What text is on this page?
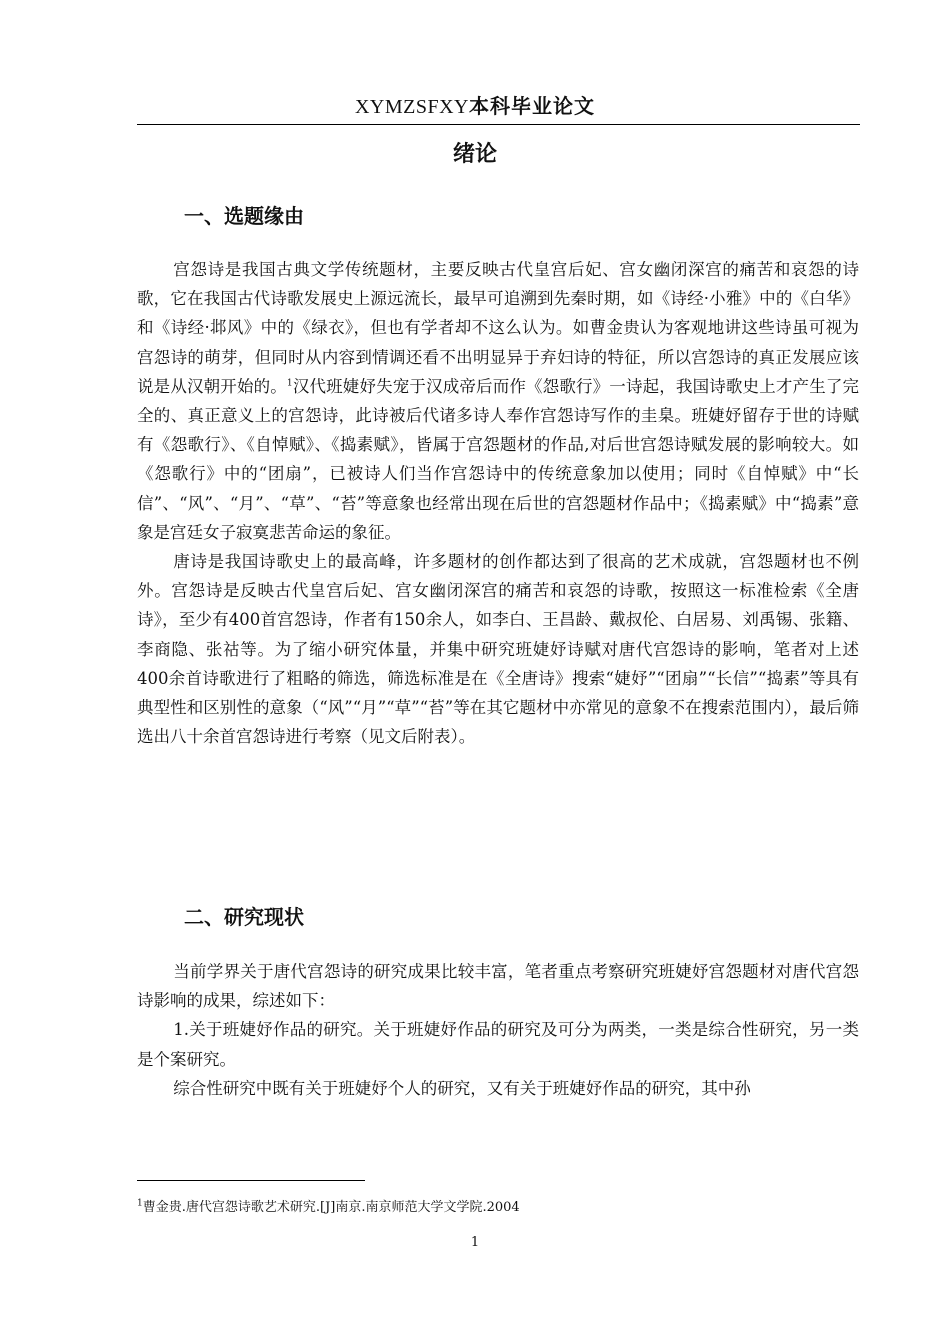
XYMZSFXY本科毕业论文
绪论
一、选题缘由

宫怨诗是我国古典文学传统题材，主要反映古代皇宫后妃、宫女幽闭深宫的痛苦和哀怨的诗歌，它在我国古代诗歌发展史上源远流长，最早可追溯到先秦时期，如《诗经·小雅》中的《白华》和《诗经·邶风》中的《绿衣》，但也有学者却不这么认为。如曹金贵认为客观地讲这些诗虽可视为宫怨诗的萌芽，但同时从内容到情调还看不出明显异于弃妇诗的特征，所以宫怨诗的真正发展应该说是从汉朝开始的。$^1$汉代班婕妤失宠于汉成帝后而作《怨歌行》一诗起，我国诗歌史上才产生了完全的、真正意义上的宫怨诗，此诗被后代诸多诗人奉作宫怨诗写作的圭臬。班婕妤留存于世的诗赋有《怨歌行》、《自悼赋》、《捣素赋》，皆属于宫怨题材的作品,对后世宫怨诗赋发展的影响较大。如《怨歌行》中的“团扇”，已被诗人们当作宫怨诗中的传统意象加以使用；同时《自悼赋》中“长信”、“风”、“月”、“草”、“苔”等意象也经常出现在后世的宫怨题材作品中；《捣素赋》中“捣素”意象是宫廷女子寂寞悲苦命运的象征。

唐诗是我国诗歌史上的最高峰，许多题材的创作都达到了很高的艺术成就，宫怨题材也不例外。宫怨诗是反映古代皇宫后妃、宫女幽闭深宫的痛苦和哀怨的诗歌，按照这一标准检索《全唐诗》，至少有400首宫怨诗，作者有150余人，如李白、王昌龄、戴叔伦、白居易、刘禹锡、张籍、李商隐、张祜等。为了缩小研究体量，并集中研究班婕妤诗赋对唐代宫怨诗的影响，笔者对上述400余首诗歌进行了粗略的筛选，筛选标准是在《全唐诗》搜索“婕妤”“团扇”“长信”“捣素”等具有典型性和区别性的意象（“风”“月”“草”“苔”等在其它题材中亦常见的意象不在搜索范围内），最后筛选出八十余首宫怨诗进行考察（见文后附表）。

二、研究现状

当前学界关于唐代宫怨诗的研究成果比较丰富，笔者重点考察研究班婕妤宫怨题材对唐代宫怨诗影响的成果，综述如下：

1.关于班婕妤作品的研究。关于班婕妤作品的研究及可分为两类，一类是综合性研究，另一类是个案研究。

综合性研究中既有关于班婕妤个人的研究，又有关于班婕妤作品的研究，其中孙

$^1$曹金贵.唐代宫怨诗歌艺术研究.[J]南京.南京师范大学文学院.2004
1
